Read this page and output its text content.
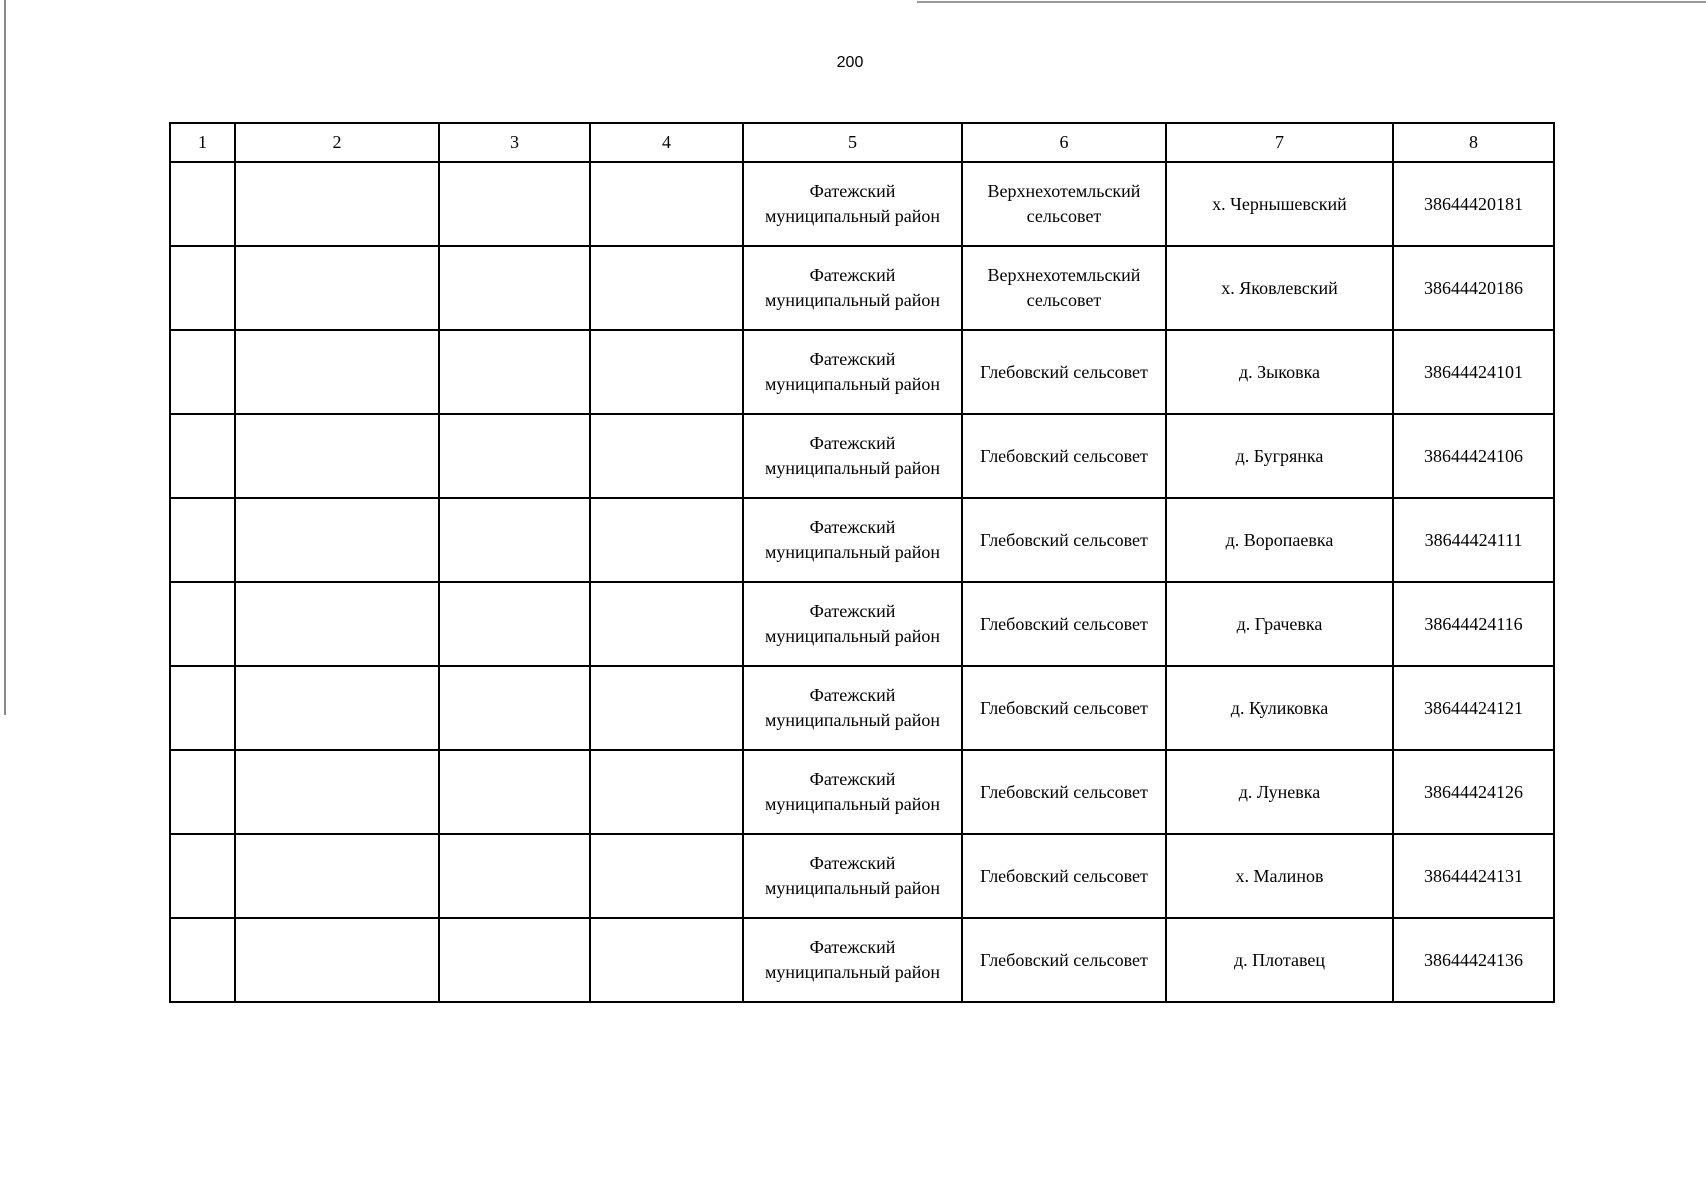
200
1	2	3	4	5	6	7	8
				Фатежский
муниципальный район	Верхнехотемльский
сельсовет	х. Чернышевский	38644420181
				Фатежский
муниципальный район	Верхнехотемльский
сельсовет	х. Яковлевский	38644420186
				Фатежский
муниципальный район	Глебовский сельсовет	д. Зыковка	38644424101
				Фатежский
муниципальный район	Глебовский сельсовет	д. Бугрянка	38644424106
				Фатежский
муниципальный район	Глебовский сельсовет	д. Воропаевка	38644424111
				Фатежский
муниципальный район	Глебовский сельсовет	д. Грачевка	38644424116
				Фатежский
муниципальный район	Глебовский сельсовет	д. Куликовка	38644424121
				Фатежский
муниципальный район	Глебовский сельсовет	д. Луневка	38644424126
				Фатежский
муниципальный район	Глебовский сельсовет	х. Малинов	38644424131
				Фатежский
муниципальный район	Глебовский сельсовет	д. Плотавец	38644424136
